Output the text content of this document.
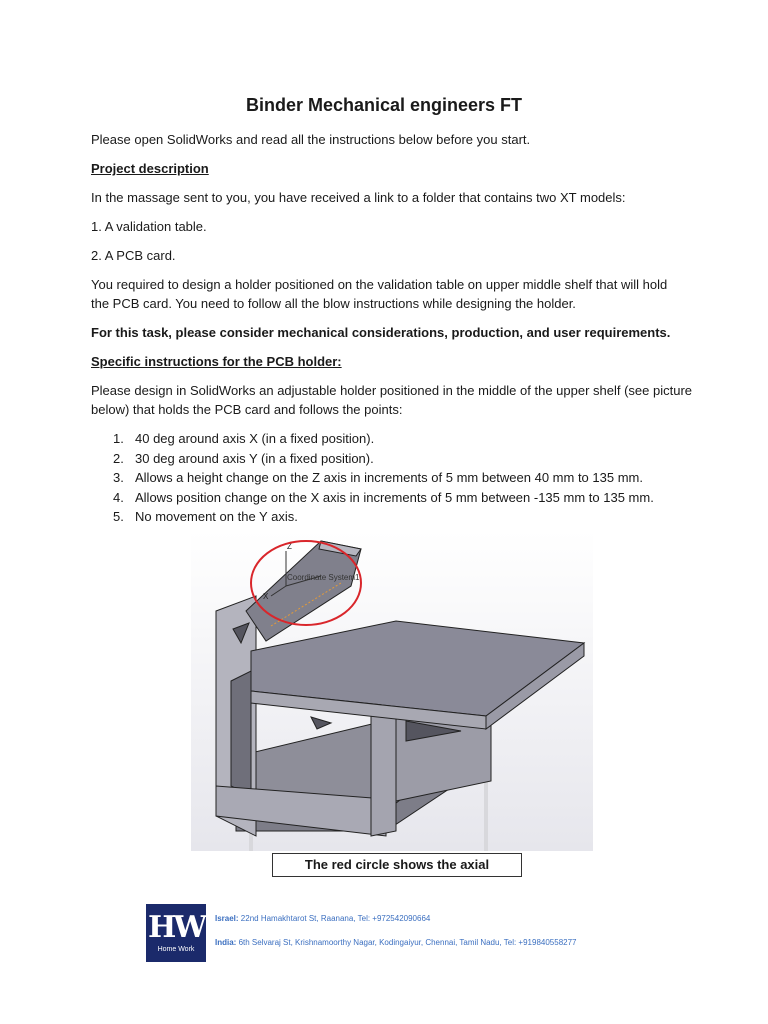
Binder Mechanical engineers FT
Please open SolidWorks and read all the instructions below before you start.
Project description
In the massage sent to you, you have received a link to a folder that contains two XT models:
1. A validation table.
2. A PCB card.
You required to design a holder positioned on the validation table on upper middle shelf that will hold
the PCB card. You need to follow all the blow instructions while designing the holder.
For this task, please consider mechanical considerations, production, and user requirements.
Specific instructions for the PCB holder:
Please design in SolidWorks an adjustable holder positioned in the middle of the upper shelf (see picture
below) that holds the PCB card and follows the points:
1. 40 deg around axis X (in a fixed position).
2. 30 deg around axis Y (in a fixed position).
3. Allows a height change on the Z axis in increments of 5 mm between 40 mm to 135 mm.
4. Allows position change on the X axis in increments of 5 mm between -135 mm to 135 mm.
5. No movement on the Y axis.
Z
X
Coordinate System1
The red circle shows the axial
HW
Home Work
Israel: 22nd Hamakhtarot St, Raanana, Tel: +972542090664
India: 6th Selvaraj St, Krishnamoorthy Nagar, Kodingaiyur, Chennai, Tamil Nadu, Tel: +919840558277
